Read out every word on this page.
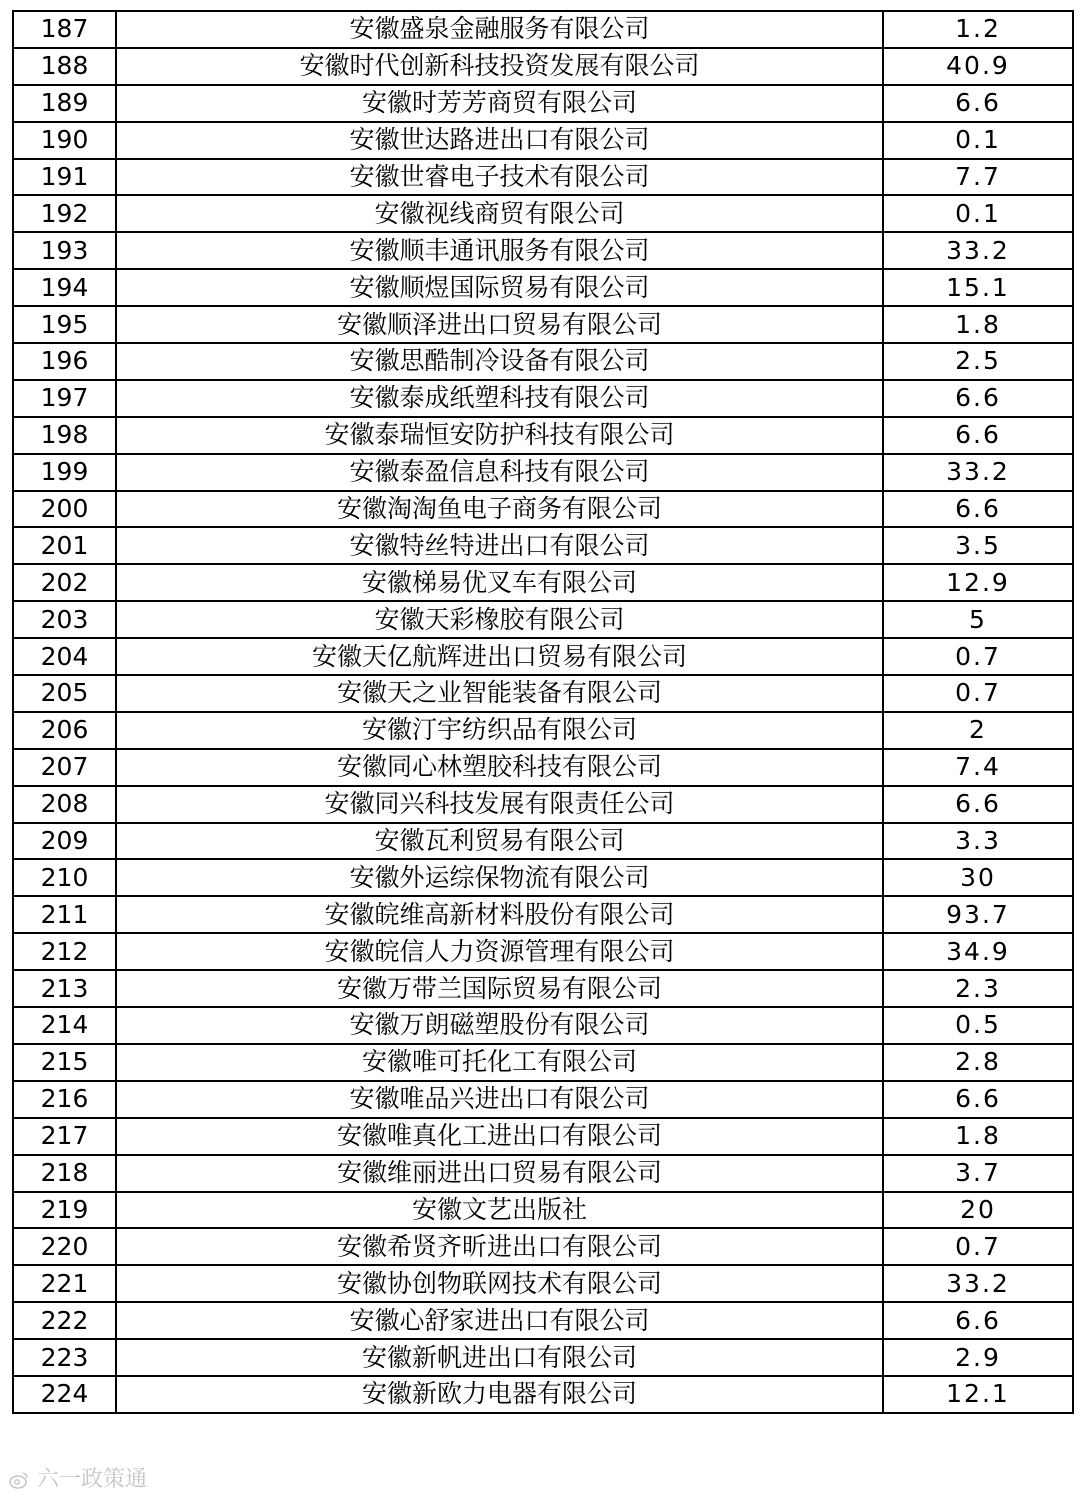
187	安徽盛泉金融服务有限公司	1.2
188	安徽时代创新科技投资发展有限公司	40.9
189	安徽时芳芳商贸有限公司	6.6
190	安徽世达路进出口有限公司	0.1
191	安徽世睿电子技术有限公司	7.7
192	安徽视线商贸有限公司	0.1
193	安徽顺丰通讯服务有限公司	33.2
194	安徽顺煜国际贸易有限公司	15.1
195	安徽顺泽进出口贸易有限公司	1.8
196	安徽思酷制冷设备有限公司	2.5
197	安徽泰成纸塑科技有限公司	6.6
198	安徽泰瑞恒安防护科技有限公司	6.6
199	安徽泰盈信息科技有限公司	33.2
200	安徽淘淘鱼电子商务有限公司	6.6
201	安徽特丝特进出口有限公司	3.5
202	安徽梯易优叉车有限公司	12.9
203	安徽天彩橡胶有限公司	5
204	安徽天亿航辉进出口贸易有限公司	0.7
205	安徽天之业智能装备有限公司	0.7
206	安徽汀宇纺织品有限公司	2
207	安徽同心林塑胶科技有限公司	7.4
208	安徽同兴科技发展有限责任公司	6.6
209	安徽瓦利贸易有限公司	3.3
210	安徽外运综保物流有限公司	30
211	安徽皖维高新材料股份有限公司	93.7
212	安徽皖信人力资源管理有限公司	34.9
213	安徽万带兰国际贸易有限公司	2.3
214	安徽万朗磁塑股份有限公司	0.5
215	安徽唯可托化工有限公司	2.8
216	安徽唯品兴进出口有限公司	6.6
217	安徽唯真化工进出口有限公司	1.8
218	安徽维丽进出口贸易有限公司	3.7
219	安徽文艺出版社	20
220	安徽希贤齐昕进出口有限公司	0.7
221	安徽协创物联网技术有限公司	33.2
222	安徽心舒家进出口有限公司	6.6
223	安徽新帆进出口有限公司	2.9
224	安徽新欧力电器有限公司	12.1
六一政策通
